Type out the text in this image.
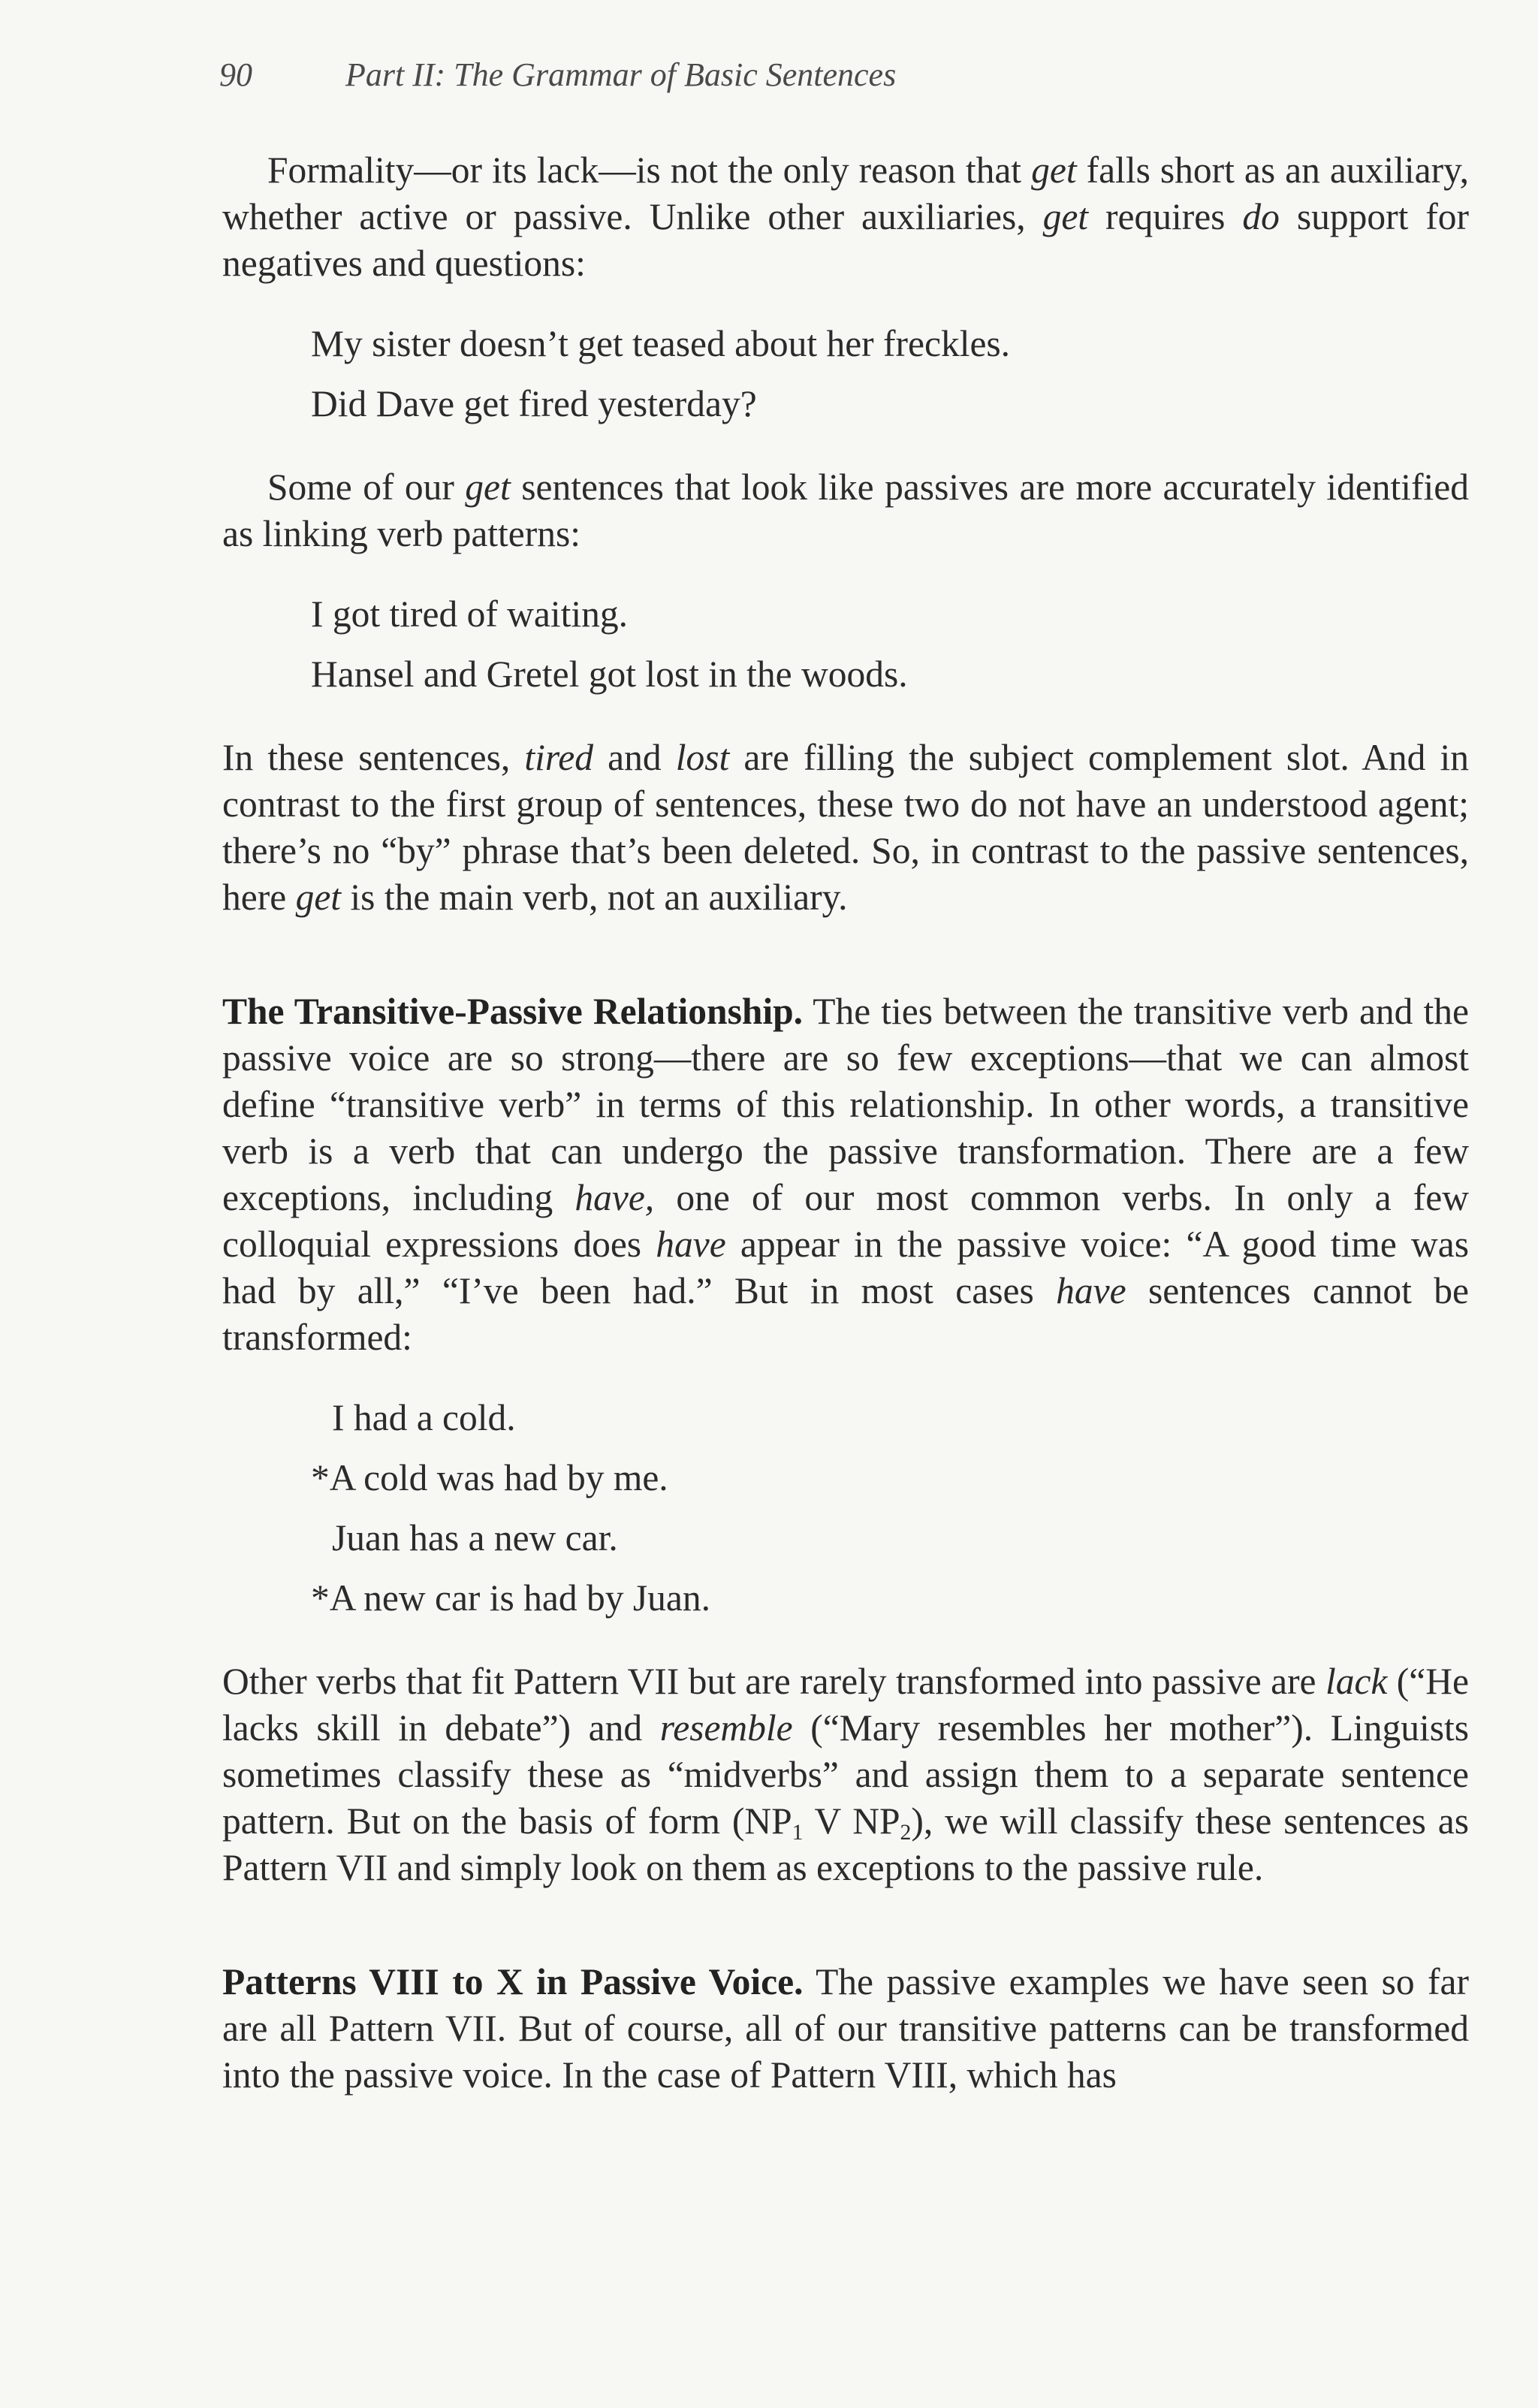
90	Part II: The Grammar of Basic Sentences

Formality—or its lack—is not the only reason that get falls short as an auxiliary, whether active or passive. Unlike other auxiliaries, get requires do support for negatives and questions:

My sister doesn’t get teased about her freckles.
Did Dave get fired yesterday?

Some of our get sentences that look like passives are more accurately identified as linking verb patterns:

I got tired of waiting.
Hansel and Gretel got lost in the woods.

In these sentences, tired and lost are filling the subject complement slot. And in contrast to the first group of sentences, these two do not have an understood agent; there’s no “by” phrase that’s been deleted. So, in contrast to the passive sentences, here get is the main verb, not an auxiliary.

The Transitive-Passive Relationship. The ties between the transitive verb and the passive voice are so strong—there are so few exceptions—that we can almost define “transitive verb” in terms of this relationship. In other words, a transitive verb is a verb that can undergo the passive transformation. There are a few exceptions, including have, one of our most common verbs. In only a few colloquial expressions does have appear in the passive voice: “A good time was had by all,” “I’ve been had.” But in most cases have sentences cannot be transformed:

I had a cold.
*A cold was had by me.
Juan has a new car.
*A new car is had by Juan.

Other verbs that fit Pattern VII but are rarely transformed into passive are lack (“He lacks skill in debate”) and resemble (“Mary resembles her mother”). Linguists sometimes classify these as “midverbs” and assign them to a separate sentence pattern. But on the basis of form ($NP_1$ V $NP_2$), we will classify these sentences as Pattern VII and simply look on them as exceptions to the passive rule.

Patterns VIII to X in Passive Voice. The passive examples we have seen so far are all Pattern VII. But of course, all of our transitive patterns can be transformed into the passive voice. In the case of Pattern VIII, which has
